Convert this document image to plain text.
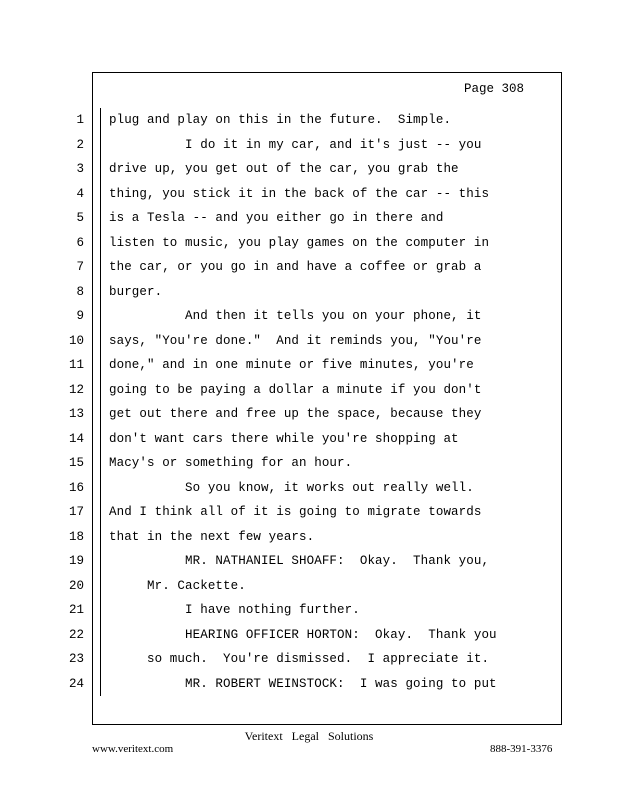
Page 308
1 plug and play on this in the future.  Simple.
2 I do it in my car, and it's just -- you
3 drive up, you get out of the car, you grab the
4 thing, you stick it in the back of the car -- this
5 is a Tesla -- and you either go in there and
6 listen to music, you play games on the computer in
7 the car, or you go in and have a coffee or grab a
8 burger.
9 And then it tells you on your phone, it
10 says, "You're done."  And it reminds you, "You're
11 done," and in one minute or five minutes, you're
12 going to be paying a dollar a minute if you don't
13 get out there and free up the space, because they
14 don't want cars there while you're shopping at
15 Macy's or something for an hour.
16 So you know, it works out really well.
17 And I think all of it is going to migrate towards
18 that in the next few years.
19 MR. NATHANIEL SHOAFF:  Okay.  Thank you,
20 Mr. Cackette.
21 I have nothing further.
22 HEARING OFFICER HORTON:  Okay.  Thank you
23 so much.  You're dismissed.  I appreciate it.
24 MR. ROBERT WEINSTOCK:  I was going to put
Veritext Legal Solutions
www.veritext.com	888-391-3376
